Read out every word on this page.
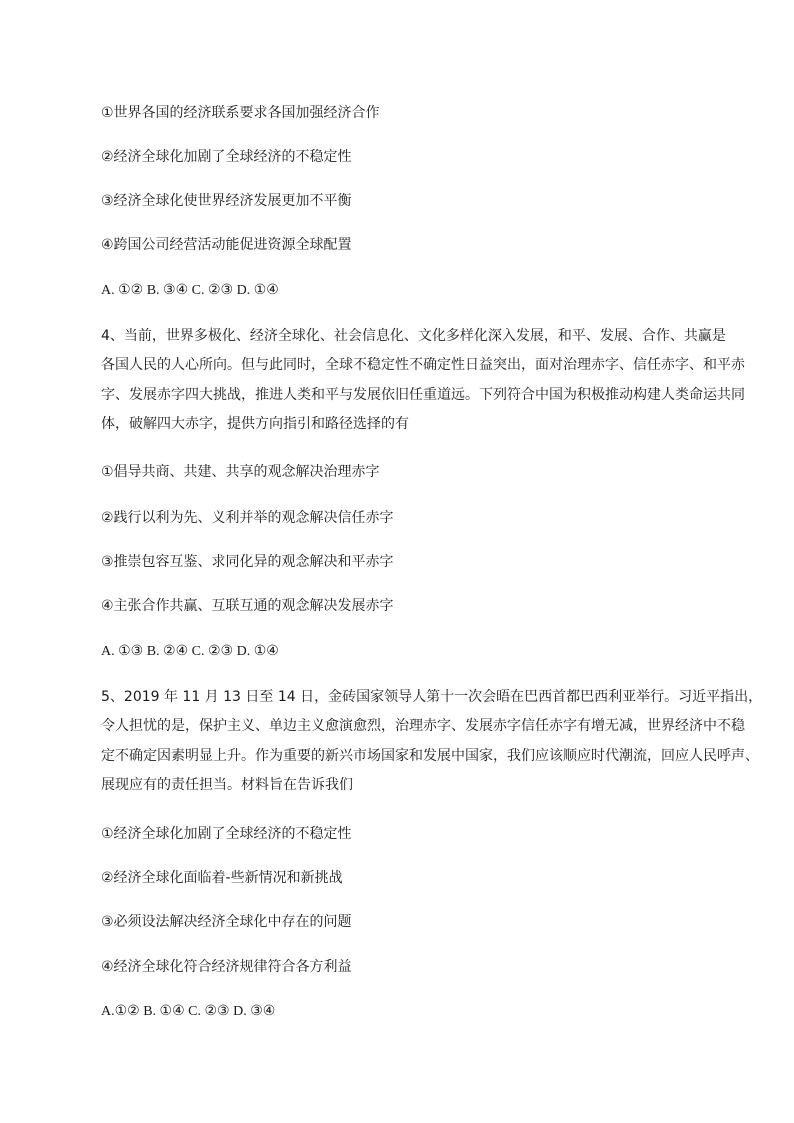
①世界各国的经济联系要求各国加强经济合作
②经济全球化加剧了全球经济的不稳定性
③经济全球化使世界经济发展更加不平衡
④跨国公司经营活动能促进资源全球配置
A. ①② B. ③④ C. ②③ D. ①④
4、当前，世界多极化、经济全球化、社会信息化、文化多样化深入发展，和平、发展、合作、共赢是
各国人民的人心所向。但与此同时，全球不稳定性不确定性日益突出，面对治理赤字、信任赤字、和平赤
字、发展赤字四大挑战，推进人类和平与发展依旧任重道远。下列符合中国为积极推动构建人类命运共同
体，破解四大赤字，提供方向指引和路径选择的有
①倡导共商、共建、共享的观念解决治理赤字
②践行以利为先、义利并举的观念解决信任赤字
③推崇包容互鉴、求同化异的观念解决和平赤字
④主张合作共赢、互联互通的观念解决发展赤字
A. ①③ B. ②④ C. ②③ D. ①④
5、2019 年 11 月 13 日至 14 日，金砖国家领导人第十一次会晤在巴西首都巴西利亚举行。习近平指出，
令人担忧的是，保护主义、单边主义愈演愈烈，治理赤字、发展赤字信任赤字有增无减，世界经济中不稳
定不确定因素明显上升。作为重要的新兴市场国家和发展中国家，我们应该顺应时代潮流，回应人民呼声、
展现应有的责任担当。材料旨在告诉我们
①经济全球化加剧了全球经济的不稳定性
②经济全球化面临着-些新情况和新挑战
③必须设法解决经济全球化中存在的问题
④经济全球化符合经济规律符合各方利益
A.①② B. ①④ C. ②③ D. ③④
